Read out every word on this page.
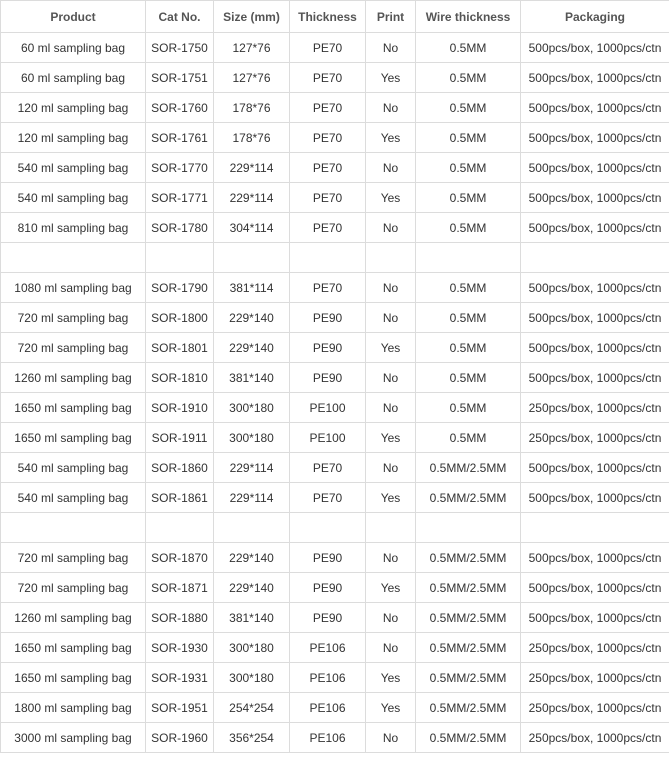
Product	Cat No.	Size (mm)	Thickness	Print	Wire thickness	Packaging
60 ml sampling bag	SOR-1750	127*76	PE70	No	0.5MM	500pcs/box, 1000pcs/ctn
60 ml sampling bag	SOR-1751	127*76	PE70	Yes	0.5MM	500pcs/box, 1000pcs/ctn
120 ml sampling bag	SOR-1760	178*76	PE70	No	0.5MM	500pcs/box, 1000pcs/ctn
120 ml sampling bag	SOR-1761	178*76	PE70	Yes	0.5MM	500pcs/box, 1000pcs/ctn
540 ml sampling bag	SOR-1770	229*114	PE70	No	0.5MM	500pcs/box, 1000pcs/ctn
540 ml sampling bag	SOR-1771	229*114	PE70	Yes	0.5MM	500pcs/box, 1000pcs/ctn
810 ml sampling bag	SOR-1780	304*114	PE70	No	0.5MM	500pcs/box, 1000pcs/ctn

1080 ml sampling bag	SOR-1790	381*114	PE70	No	0.5MM	500pcs/box, 1000pcs/ctn
720 ml sampling bag	SOR-1800	229*140	PE90	No	0.5MM	500pcs/box, 1000pcs/ctn
720 ml sampling bag	SOR-1801	229*140	PE90	Yes	0.5MM	500pcs/box, 1000pcs/ctn
1260 ml sampling bag	SOR-1810	381*140	PE90	No	0.5MM	500pcs/box, 1000pcs/ctn
1650 ml sampling bag	SOR-1910	300*180	PE100	No	0.5MM	250pcs/box, 1000pcs/ctn
1650 ml sampling bag	SOR-1911	300*180	PE100	Yes	0.5MM	250pcs/box, 1000pcs/ctn
540 ml sampling bag	SOR-1860	229*114	PE70	No	0.5MM/2.5MM	500pcs/box, 1000pcs/ctn
540 ml sampling bag	SOR-1861	229*114	PE70	Yes	0.5MM/2.5MM	500pcs/box, 1000pcs/ctn

720 ml sampling bag	SOR-1870	229*140	PE90	No	0.5MM/2.5MM	500pcs/box, 1000pcs/ctn
720 ml sampling bag	SOR-1871	229*140	PE90	Yes	0.5MM/2.5MM	500pcs/box, 1000pcs/ctn
1260 ml sampling bag	SOR-1880	381*140	PE90	No	0.5MM/2.5MM	500pcs/box, 1000pcs/ctn
1650 ml sampling bag	SOR-1930	300*180	PE106	No	0.5MM/2.5MM	250pcs/box, 1000pcs/ctn
1650 ml sampling bag	SOR-1931	300*180	PE106	Yes	0.5MM/2.5MM	250pcs/box, 1000pcs/ctn
1800 ml sampling bag	SOR-1951	254*254	PE106	Yes	0.5MM/2.5MM	250pcs/box, 1000pcs/ctn
3000 ml sampling bag	SOR-1960	356*254	PE106	No	0.5MM/2.5MM	250pcs/box, 1000pcs/ctn
